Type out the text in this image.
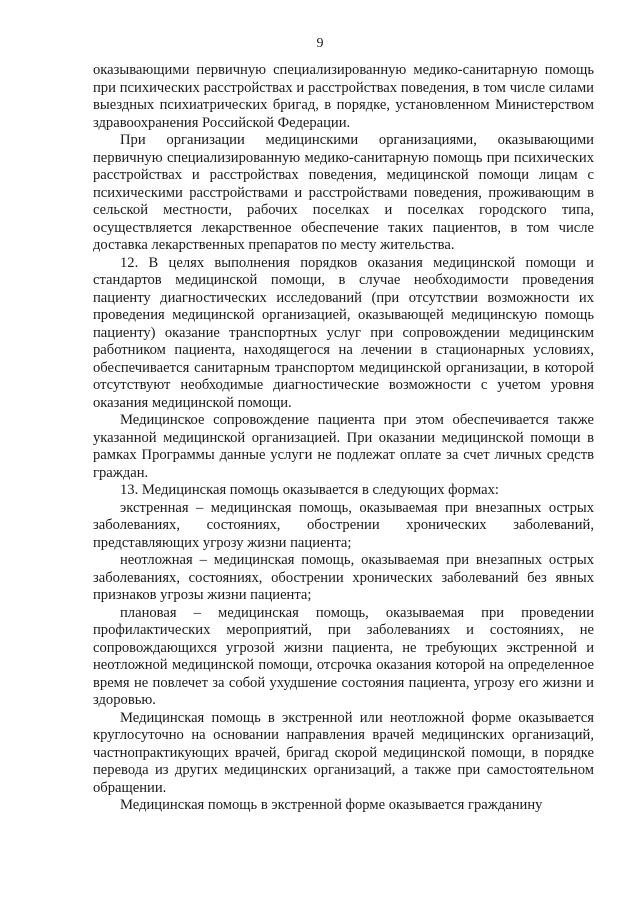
9

оказывающими первичную специализированную медико-санитарную помощь при психических расстройствах и расстройствах поведения, в том числе силами выездных психиатрических бригад, в порядке, установленном Министерством здравоохранения Российской Федерации.

При организации медицинскими организациями, оказывающими первичную специализированную медико-санитарную помощь при психических расстройствах и расстройствах поведения, медицинской помощи лицам с психическими расстройствами и расстройствами поведения, проживающим в сельской местности, рабочих поселках и поселках городского типа, осуществляется лекарственное обеспечение таких пациентов, в том числе доставка лекарственных препаратов по месту жительства.

12. В целях выполнения порядков оказания медицинской помощи и стандартов медицинской помощи, в случае необходимости проведения пациенту диагностических исследований (при отсутствии возможности их проведения медицинской организацией, оказывающей медицинскую помощь пациенту) оказание транспортных услуг при сопровождении медицинским работником пациента, находящегося на лечении в стационарных условиях, обеспечивается санитарным транспортом медицинской организации, в которой отсутствуют необходимые диагностические возможности с учетом уровня оказания медицинской помощи.

Медицинское сопровождение пациента при этом обеспечивается также указанной медицинской организацией. При оказании медицинской помощи в рамках Программы данные услуги не подлежат оплате за счет личных средств граждан.

13. Медицинская помощь оказывается в следующих формах:

экстренная – медицинская помощь, оказываемая при внезапных острых заболеваниях, состояниях, обострении хронических заболеваний, представляющих угрозу жизни пациента;

неотложная – медицинская помощь, оказываемая при внезапных острых заболеваниях, состояниях, обострении хронических заболеваний без явных признаков угрозы жизни пациента;

плановая – медицинская помощь, оказываемая при проведении профилактических мероприятий, при заболеваниях и состояниях, не сопровождающихся угрозой жизни пациента, не требующих экстренной и неотложной медицинской помощи, отсрочка оказания которой на определенное время не повлечет за собой ухудшение состояния пациента, угрозу его жизни и здоровью.

Медицинская помощь в экстренной или неотложной форме оказывается круглосуточно на основании направления врачей медицинских организаций, частнопрактикующих врачей, бригад скорой медицинской помощи, в порядке перевода из других медицинских организаций, а также при самостоятельном обращении.

Медицинская помощь в экстренной форме оказывается гражданину
